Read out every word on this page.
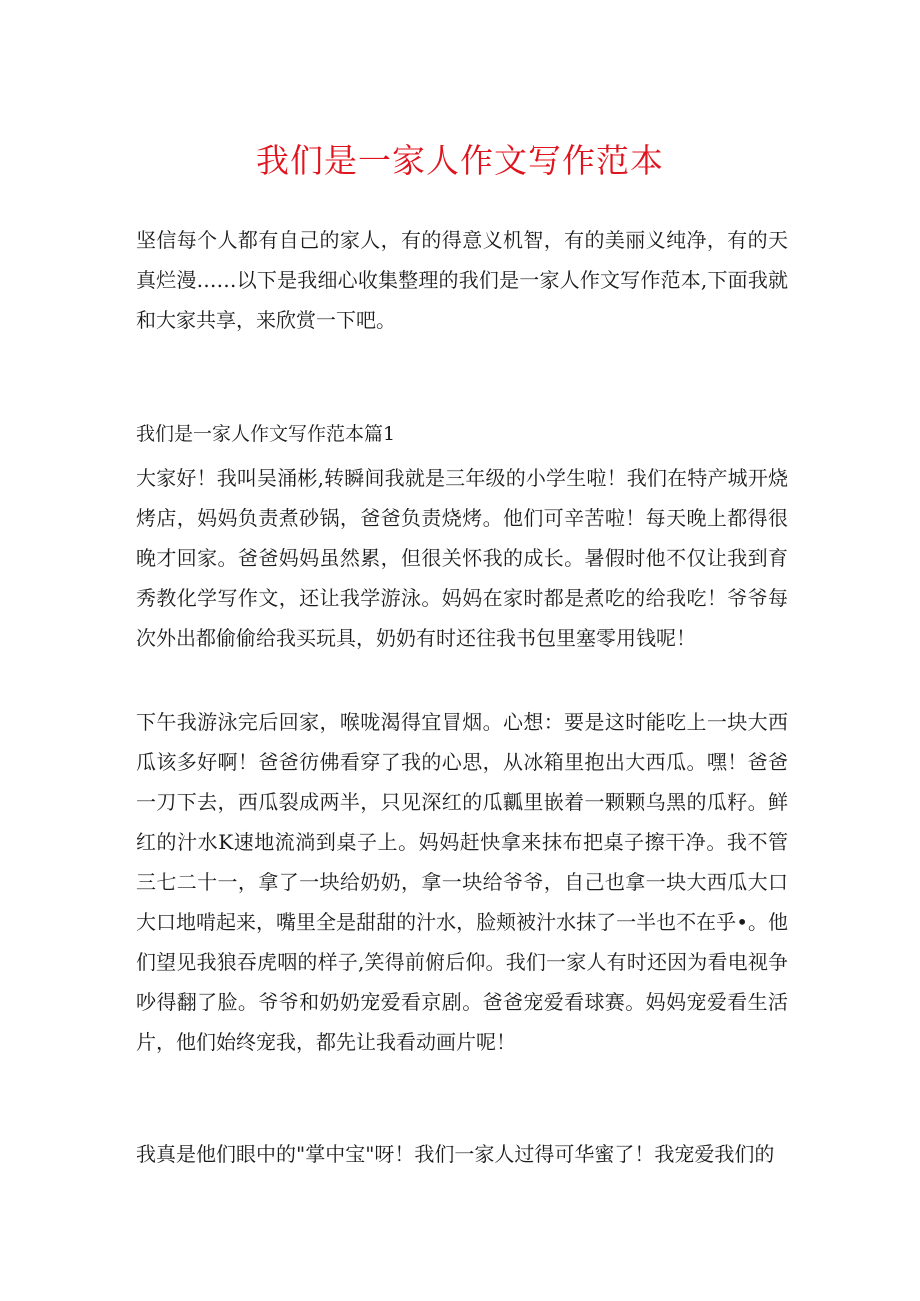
我们是一家人作文写作范本

坚信每个人都有自己的家人，有的得意义机智，有的美丽义纯净，有的天真烂漫……以下是我细心收集整理的我们是一家人作文写作范本,下面我就和大家共享，来欣赏一下吧。

我们是一家人作文写作范本篇1

大家好！我叫吴涌彬,转瞬间我就是三年级的小学生啦！我们在特产城开烧烤店，妈妈负责煮砂锅，爸爸负责烧烤。他们可辛苦啦！每天晚上都得很晚才回家。爸爸妈妈虽然累，但很关怀我的成长。暑假时他不仅让我到育秀教化学写作文，还让我学游泳。妈妈在家时都是煮吃的给我吃！爷爷每次外出都偷偷给我买玩具，奶奶有时还往我书包里塞零用钱呢！

下午我游泳完后回家，喉咙渴得宜冒烟。心想：要是这时能吃上一块大西瓜该多好啊！爸爸彷佛看穿了我的心思，从冰箱里抱出大西瓜。嘿！爸爸一刀下去，西瓜裂成两半，只见深红的瓜瓤里嵌着一颗颗乌黑的瓜籽。鲜红的汁水K速地流淌到桌子上。妈妈赶快拿来抹布把桌子擦干净。我不管三七二十一，拿了一块给奶奶，拿一块给爷爷，自己也拿一块大西瓜大口大口地啃起来，嘴里全是甜甜的汁水，脸颊被汁水抹了一半也不在乎•。他们望见我狼吞虎咽的样子,笑得前俯后仰。我们一家人有时还因为看电视争吵得翻了脸。爷爷和奶奶宠爱看京剧。爸爸宠爱看球赛。妈妈宠爱看生活片，他们始终宠我，都先让我看动画片呢！

我真是他们眼中的"掌中宝"呀！我们一家人过得可华蜜了！我宠爱我们的
